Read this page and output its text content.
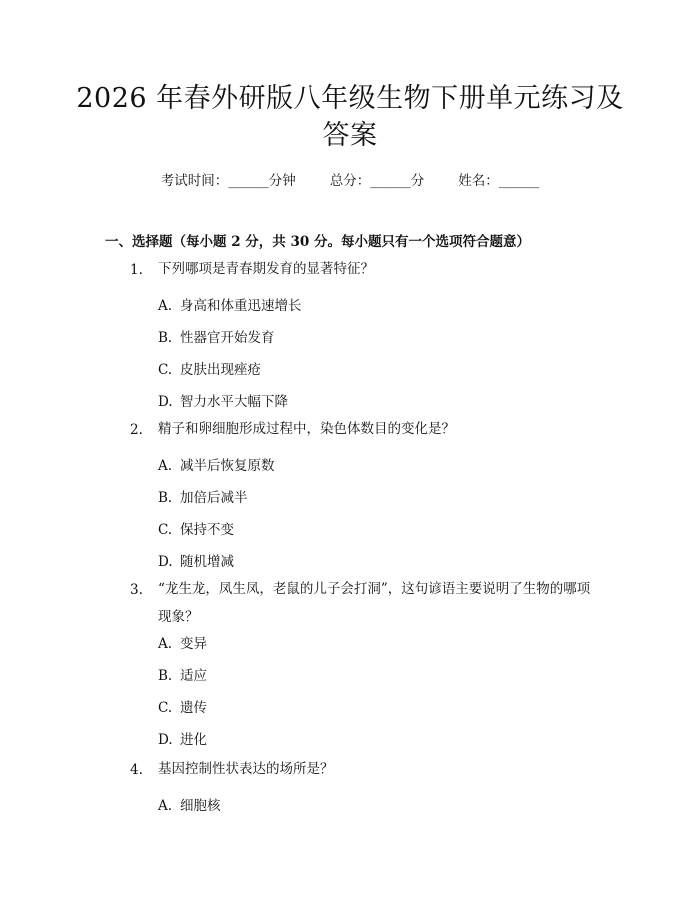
2026 年春外研版八年级生物下册单元练习及
答案
考试时间：______分钟	总分：______分	姓名：______
一、选择题（每小题 2 分，共 30 分。每小题只有一个选项符合题意）
1. 下列哪项是青春期发育的显著特征？
A. 身高和体重迅速增长
B. 性器官开始发育
C. 皮肤出现痤疮
D. 智力水平大幅下降
2. 精子和卵细胞形成过程中，染色体数目的变化是？
A. 减半后恢复原数
B. 加倍后减半
C. 保持不变
D. 随机增减
3. “龙生龙，凤生凤，老鼠的儿子会打洞”，这句谚语主要说明了生物的哪项现象？
A. 变异
B. 适应
C. 遗传
D. 进化
4. 基因控制性状表达的场所是？
A. 细胞核
